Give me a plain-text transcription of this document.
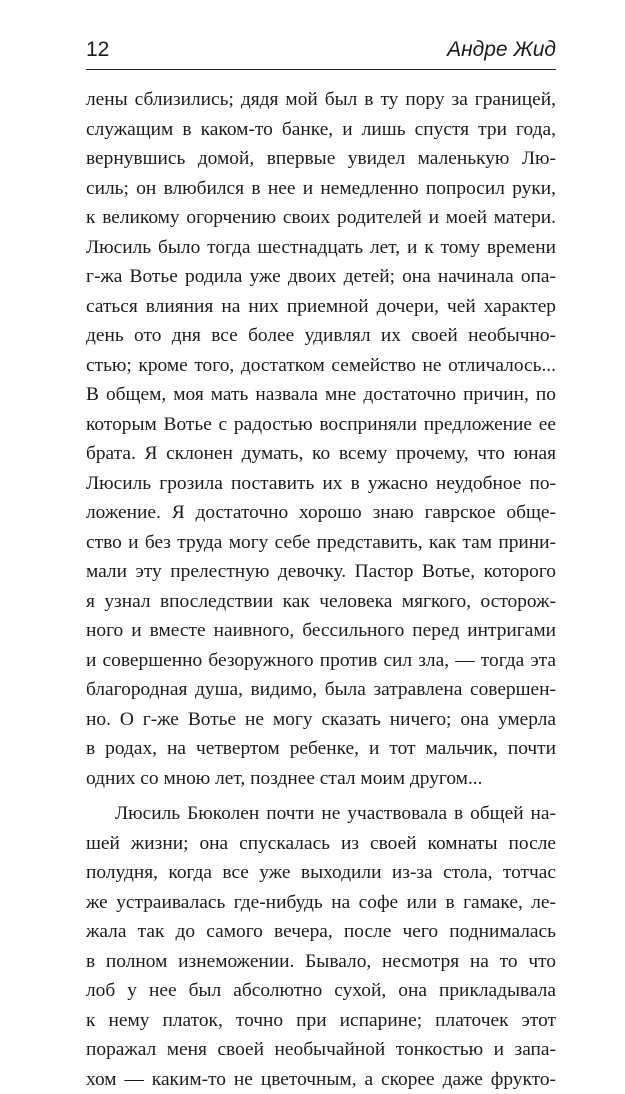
12	Андре Жид
лены сблизились; дядя мой был в ту пору за границей,
служащим в каком-то банке, и лишь спустя три года,
вернувшись домой, впервые увидел маленькую Лю-
силь; он влюбился в нее и немедленно попросил руки,
к великому огорчению своих родителей и моей матери.
Люсиль было тогда шестнадцать лет, и к тому времени
г-жа Вотье родила уже двоих детей; она начинала опа-
саться влияния на них приемной дочери, чей характер
день ото дня все более удивлял их своей необычно-
стью; кроме того, достатком семейство не отличалось...
В общем, моя мать назвала мне достаточно причин, по
которым Вотье с радостью восприняли предложение ее
брата. Я склонен думать, ко всему прочему, что юная
Люсиль грозила поставить их в ужасно неудобное по-
ложение. Я достаточно хорошо знаю гаврское обще-
ство и без труда могу себе представить, как там прини-
мали эту прелестную девочку. Пастор Вотье, которого
я узнал впоследствии как человека мягкого, осторож-
ного и вместе наивного, бессильного перед интригами
и совершенно безоружного против сил зла, — тогда эта
благородная душа, видимо, была затравлена совершен-
но. О г-же Вотье не могу сказать ничего; она умерла
в родах, на четвертом ребенке, и тот мальчик, почти
одних со мною лет, позднее стал моим другом...
Люсиль Бюколен почти не участвовала в общей на-
шей жизни; она спускалась из своей комнаты после
полудня, когда все уже выходили из-за стола, тотчас
же устраивалась где-нибудь на софе или в гамаке, ле-
жала так до самого вечера, после чего поднималась
в полном изнеможении. Бывало, несмотря на то что
лоб у нее был абсолютно сухой, она прикладывала
к нему платок, точно при испарине; платочек этот
поражал меня своей необычайной тонкостью и запа-
хом — каким-то не цветочным, а скорее даже фрукто-
